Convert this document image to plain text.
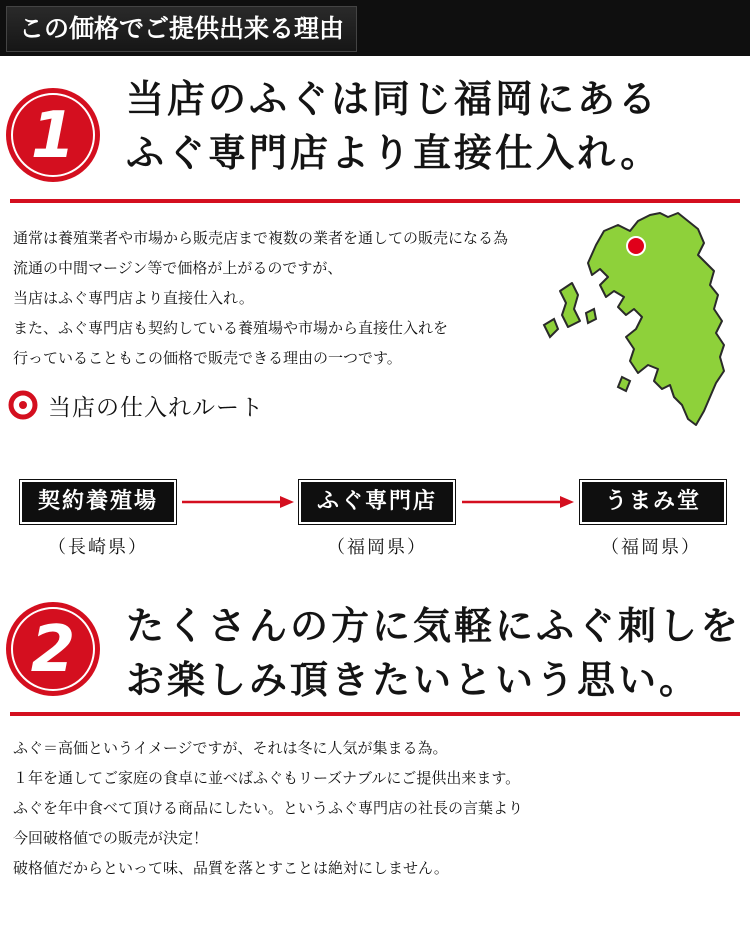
この価格でご提供出来る理由
1 当店のふぐは同じ福岡にある
ふぐ専門店より直接仕入れ。
通常は養殖業者や市場から販売店まで複数の業者を通しての販売になる為
流通の中間マージン等で価格が上がるのですが、
当店はふぐ専門店より直接仕入れ。
また、ふぐ専門店も契約している養殖場や市場から直接仕入れを
行っていることもこの価格で販売できる理由の一つです。
当店の仕入れルート
契約養殖場
（長崎県）
ふぐ専門店
（福岡県）
うまみ堂
（福岡県）
2 たくさんの方に気軽にふぐ刺しを
お楽しみ頂きたいという思い。
ふぐ＝高価というイメージですが、それは冬に人気が集まる為。
１年を通してご家庭の食卓に並べばふぐもリーズナブルにご提供出来ます。
ふぐを年中食べて頂ける商品にしたい。というふぐ専門店の社長の言葉より
今回破格値での販売が決定！
破格値だからといって味、品質を落とすことは絶対にしません。
